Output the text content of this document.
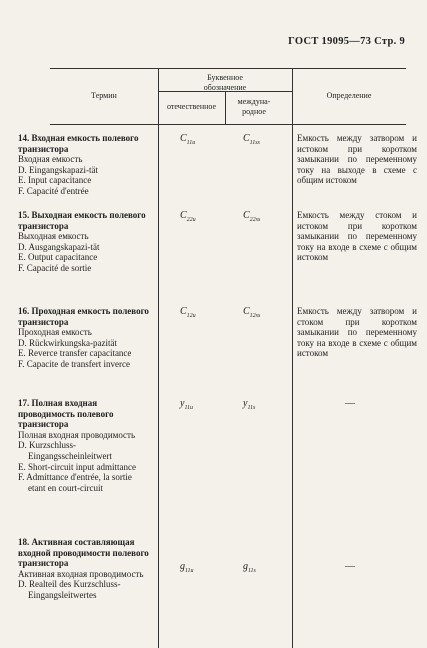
ГОСТ 19095—73 Стр. 9
Термин
Буквенное обозначение
отечественное
междуна-родное
Определение
14. Входная емкость полевого транзистора
Входная емкость
D. Eingangskapazi-tät
E. Input capacitance
F. Capacité d'entrée
$C_{11и}$	$C_{11ss}$	Емкость между затвором и истоком при коротком замыкании по переменному току на выходе в схеме с общим истоком
15. Выходная емкость полевого транзистора
Выходная емкость
D. Ausgangskapazi-tät
E. Output capacitance
F. Capacité de sortie
$C_{22и}$	$C_{22ss}$	Емкость между стоком и истоком при коротком замыкании по переменному току на входе в схеме с общим истоком
16. Проходная емкость полевого транзистора
Проходная емкость
D. Rückwirkungska-pazität
E. Reverce transfer capacitance
F. Capacite de transfert inverce
$C_{12и}$	$C_{12ss}$	Емкость между затвором и стоком при коротком замыкании по переменному току на входе в схеме с общим истоком
17. Полная входная проводимость полевого транзистора
Полная входная проводимость
D. Kurzschluss-Eingangsscheinleitwert
E. Short-circuit input admittance
F. Admittance d'entrée, la sortie etant en court-circuit
$y_{11и}$	$y_{11s}$	—
18. Активная составляющая входной проводимости полевого транзистора
Активная входная проводимость
D. Realteil des Kurzschluss-Eingangsleitwertes
$g_{11и}$	$g_{11s}$	—
